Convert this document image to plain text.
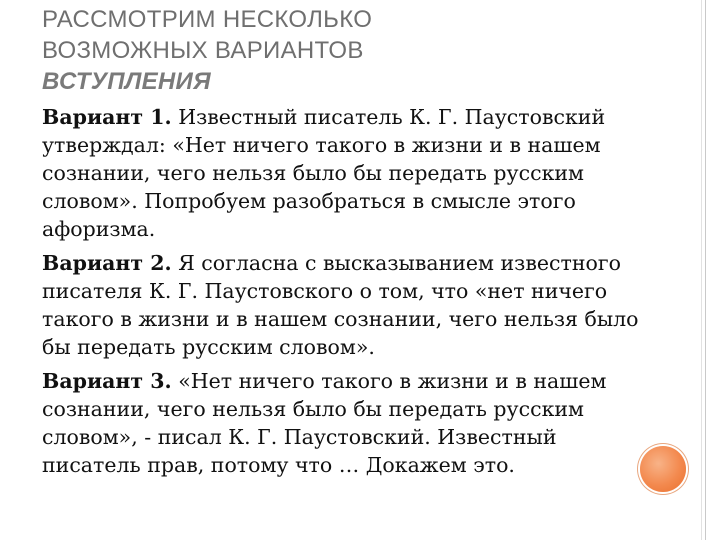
РАССМОТРИМ НЕСКОЛЬКО
ВОЗМОЖНЫХ ВАРИАНТОВ
ВСТУПЛЕНИЯ

Вариант 1. Известный писатель К. Г. Паустовский
утверждал: «Нет ничего такого в жизни и в нашем
сознании, чего нельзя было бы передать русским
словом». Попробуем разобраться в смысле этого
афоризма.

Вариант 2. Я согласна с высказыванием известного
писателя К. Г. Паустовского о том, что «нет ничего
такого в жизни и в нашем сознании, чего нельзя было
бы передать русским словом».

Вариант 3. «Нет ничего такого в жизни и в нашем
сознании, чего нельзя было бы передать русским
словом», - писал К. Г. Паустовский. Известный
писатель прав, потому что … Докажем это.
